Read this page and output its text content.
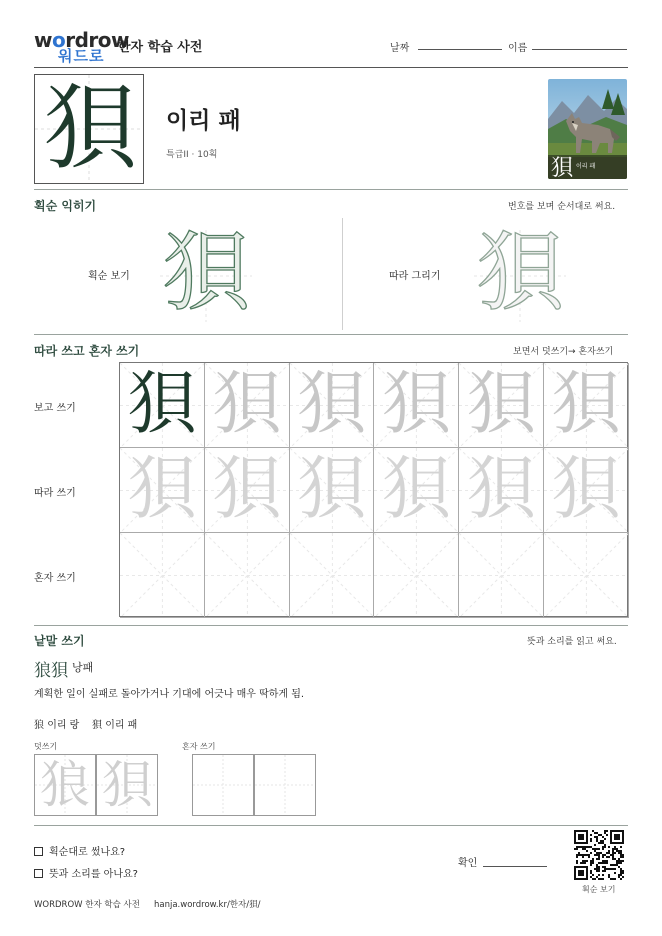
wordrow
워드로 한자 학습 사전	날짜	이름
狽	이리 패
특급II · 10획
狽 이리 패
획순 익히기	번호를 보며 순서대로 써요.
획순 보기 狽	따라 그리기 狽
따라 쓰고 혼자 쓰기	보면서 덧쓰기→ 혼자쓰기
보고 쓰기
따라 쓰기
혼자 쓰기
狽 狽 狽 狽 狽 狽
狽 狽 狽 狽 狽 狽
낱말 쓰기	뜻과 소리를 읽고 써요.
狼狽 낭패
계획한 일이 실패로 돌아가거나 기대에 어긋나 매우 딱하게 됨.
狼 이리 랑 狽 이리 패
덧쓰기	혼자 쓰기
狼 狽
획순대로 썼나요?
뜻과 소리를 아나요?
확인
획순 보기
WORDROW 한자 학습 사전 hanja.wordrow.kr/한자/狽/
